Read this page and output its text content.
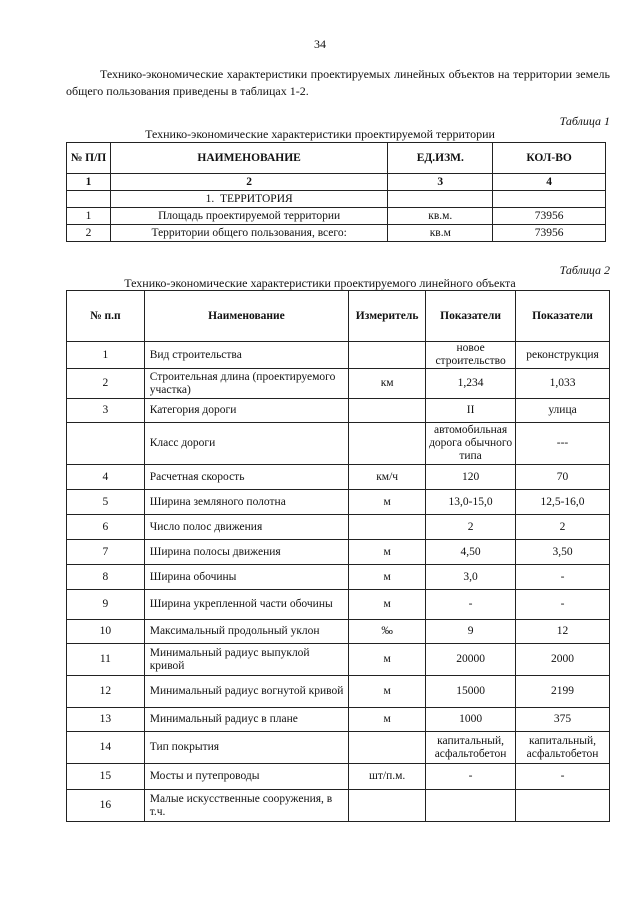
34
Технико-экономические характеристики проектируемых линейных объектов на территории земель общего пользования приведены в таблицах 1-2.
Таблица 1
Технико-экономические характеристики проектируемой территории
№ П/П	НАИМЕНОВАНИЕ	ЕД.ИЗМ.	КОЛ-ВО
1	2	3	4
	1. ТЕРРИТОРИЯ		
1	Площадь проектируемой территории	кв.м.	73956
2	Территории общего пользования, всего:	кв.м	73956
Таблица 2
Технико-экономические характеристики проектируемого линейного объекта
№ п.п	Наименование	Измеритель	Показатели	Показатели
1	Вид строительства		новое строительство	реконструкция
2	Строительная длина (проектируемого участка)	км	1,234	1,033
3	Категория дороги		II	улица
	Класс дороги		автомобильная дорога обычного типа	---
4	Расчетная скорость	км/ч	120	70
5	Ширина земляного полотна	м	13,0-15,0	12,5-16,0
6	Число полос движения		2	2
7	Ширина полосы движения	м	4,50	3,50
8	Ширина обочины	м	3,0	-
9	Ширина укрепленной части обочины	м	-	-
10	Максимальный продольный уклон	‰	9	12
11	Минимальный радиус выпуклой кривой	м	20000	2000
12	Минимальный радиус вогнутой кривой	м	15000	2199
13	Минимальный радиус в плане	м	1000	375
14	Тип покрытия		капитальный, асфальтобетон	капитальный, асфальтобетон
15	Мосты и путепроводы	шт/п.м.	-	-
16	Малые искусственные сооружения, в т.ч.			
